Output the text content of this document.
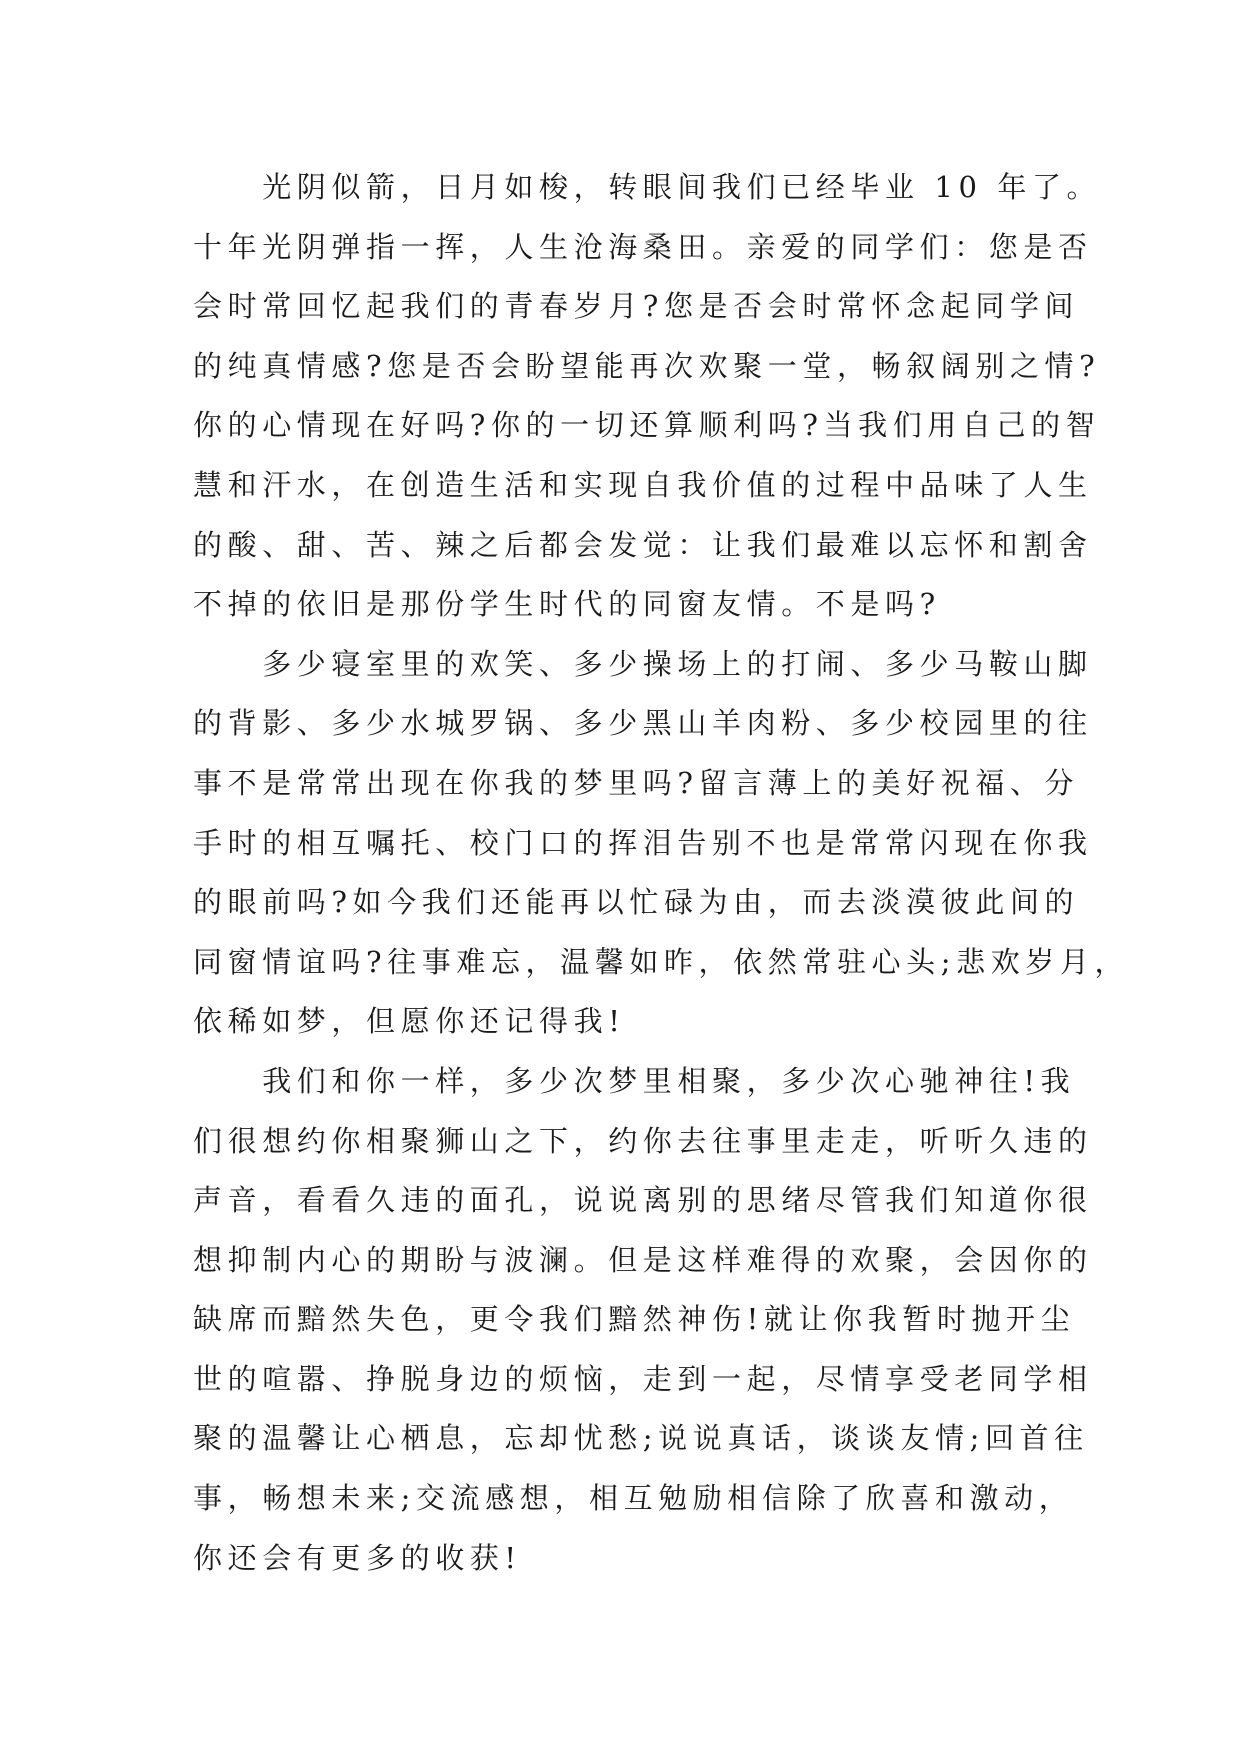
　　光阴似箭，日月如梭，转眼间我们已经毕业 10 年了。
十年光阴弹指一挥，人生沧海桑田。亲爱的同学们：您是否
会时常回忆起我们的青春岁月?您是否会时常怀念起同学间
的纯真情感?您是否会盼望能再次欢聚一堂，畅叙阔别之情?
你的心情现在好吗?你的一切还算顺利吗?当我们用自己的智
慧和汗水，在创造生活和实现自我价值的过程中品味了人生
的酸、甜、苦、辣之后都会发觉：让我们最难以忘怀和割舍
不掉的依旧是那份学生时代的同窗友情。不是吗?

　　多少寝室里的欢笑、多少操场上的打闹、多少马鞍山脚
的背影、多少水城罗锅、多少黑山羊肉粉、多少校园里的往
事不是常常出现在你我的梦里吗?留言薄上的美好祝福、分
手时的相互嘱托、校门口的挥泪告别不也是常常闪现在你我
的眼前吗?如今我们还能再以忙碌为由，而去淡漠彼此间的
同窗情谊吗?往事难忘，温馨如昨，依然常驻心头;悲欢岁月，
依稀如梦，但愿你还记得我!

　　我们和你一样，多少次梦里相聚，多少次心驰神往!我
们很想约你相聚狮山之下，约你去往事里走走，听听久违的
声音，看看久违的面孔，说说离别的思绪尽管我们知道你很
想抑制内心的期盼与波澜。但是这样难得的欢聚，会因你的
缺席而黯然失色，更令我们黯然神伤!就让你我暂时抛开尘
世的喧嚣、挣脱身边的烦恼，走到一起，尽情享受老同学相
聚的温馨让心栖息，忘却忧愁;说说真话，谈谈友情;回首往
事，畅想未来;交流感想，相互勉励相信除了欣喜和激动，
你还会有更多的收获!
